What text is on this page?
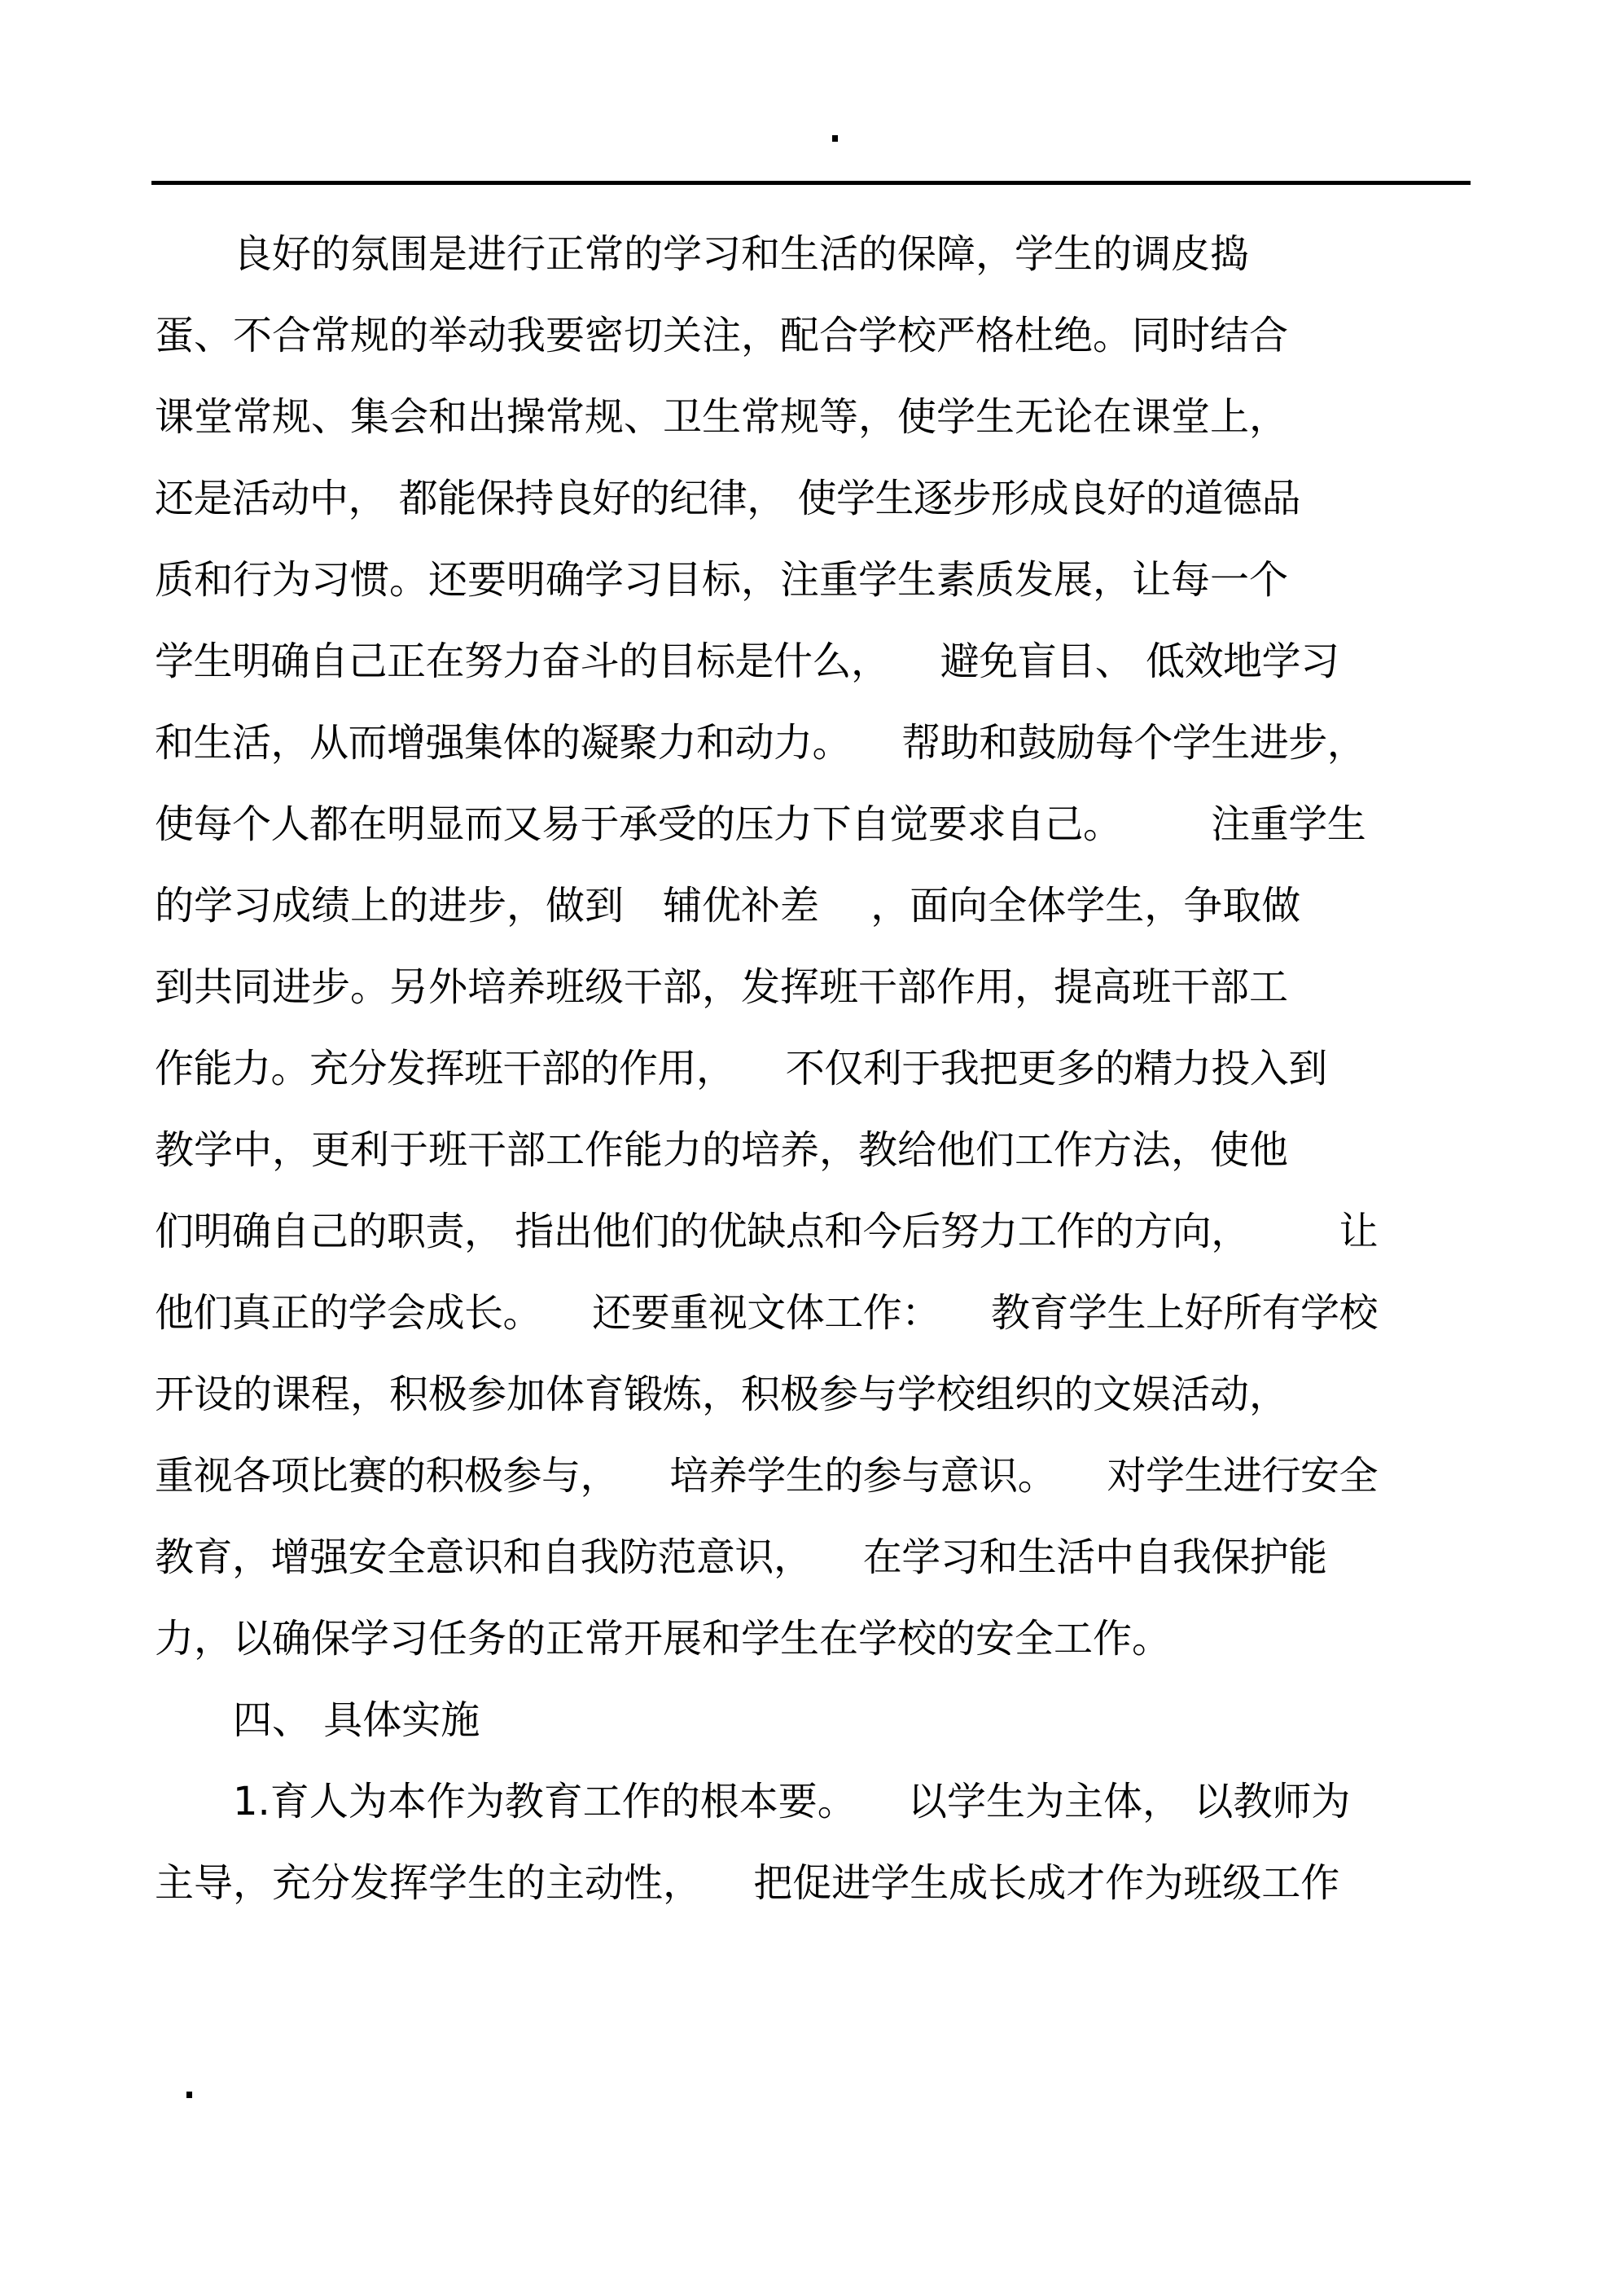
　　良好的氛围是进行正常的学习和生活的保障，学生的调皮捣
蛋、不合常规的举动我要密切关注，配合学校严格杜绝。同时结合
课堂常规、集会和出操常规、卫生常规等，使学生无论在课堂上，
还是活动中， 都能保持良好的纪律， 使学生逐步形成良好的道德品
质和行为习惯。还要明确学习目标，注重学生素质发展，让每一个
学生明确自己正在努力奋斗的目标是什么， 　避免盲目、 低效地学习
和生活，从而增强集体的凝聚力和动力。 　帮助和鼓励每个学生进步，
使每个人都在明显而又易于承受的压力下自觉要求自己。 　　注重学生
的学习成绩上的进步，做到　辅优补差 　，面向全体学生，争取做
到共同进步。另外培养班级干部，发挥班干部作用，提高班干部工
作能力。充分发挥班干部的作用， 　不仅利于我把更多的精力投入到
教学中，更利于班干部工作能力的培养，教给他们工作方法，使他
们明确自己的职责， 指出他们的优缺点和今后努力工作的方向， 　　让
他们真正的学会成长。 　还要重视文体工作： 　教育学生上好所有学校
开设的课程，积极参加体育锻炼，积极参与学校组织的文娱活动，
重视各项比赛的积极参与， 　培养学生的参与意识。 　对学生进行安全
教育，增强安全意识和自我防范意识， 　在学习和生活中自我保护能
力，以确保学习任务的正常开展和学生在学校的安全工作。
四、 具体实施
1.育人为本作为教育工作的根本要。 　以学生为主体， 以教师为
主导，充分发挥学生的主动性， 　把促进学生成长成才作为班级工作
